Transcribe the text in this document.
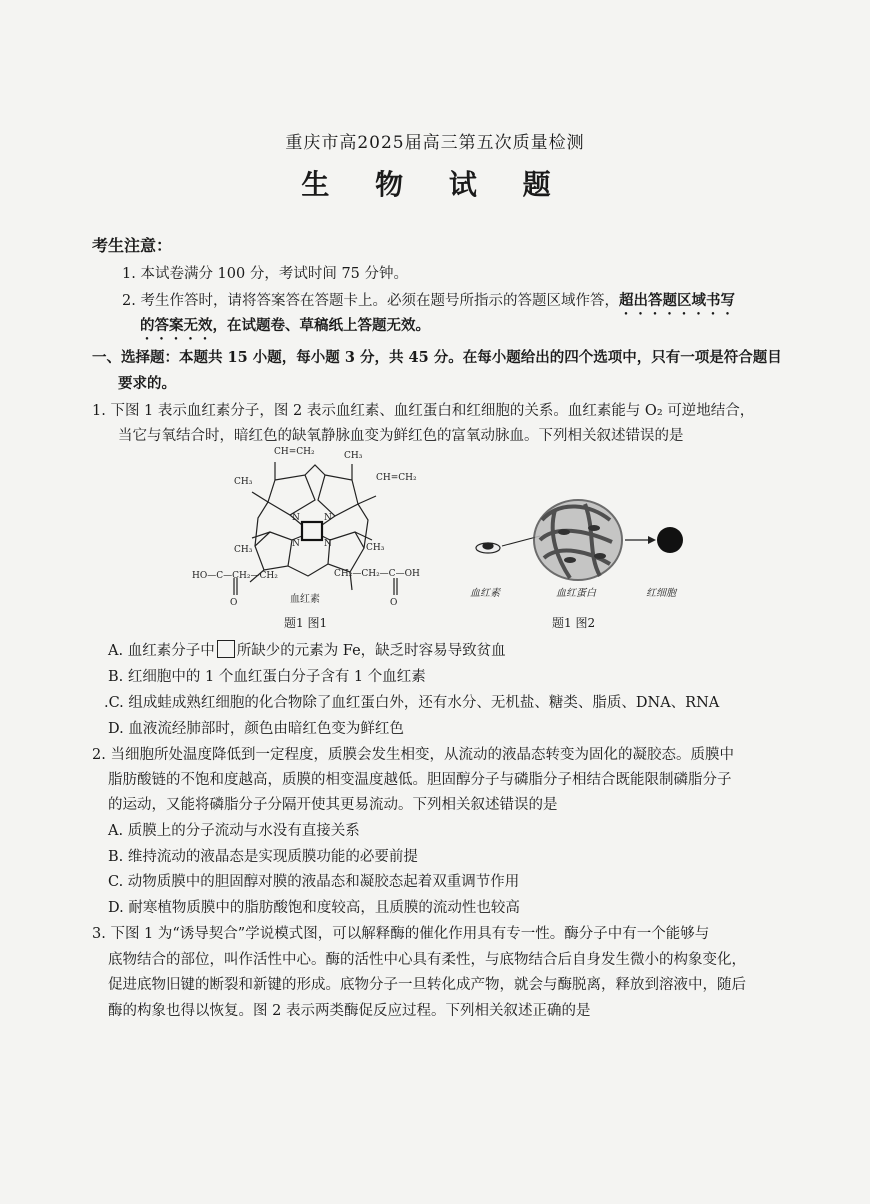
重庆市高2025届高三第五次质量检测
生 物 试 题
考生注意：
1. 本试卷满分 100 分，考试时间 75 分钟。
2. 考生作答时，请将答案答在答题卡上。必须在题号所指示的答题区域作答，超出答题区域书写
的答案无效，在试题卷、草稿纸上答题无效。
一、选择题：本题共 15 小题，每小题 3 分，共 45 分。在每小题给出的四个选项中，只有一项是符合题目
要求的。
1. 下图 1 表示血红素分子，图 2 表示血红素、血红蛋白和红细胞的关系。血红素能与 O₂ 可逆地结合，
当它与氧结合时，暗红色的缺氧静脉血变为鲜红色的富氧动脉血。下列相关叙述错误的是
CH=CH₂	CH₃
CH₃	CH=CH₂
N	N
N	N
CH₃	CH₃
HO—C—CH₂—CH₂	CH₂—CH₂—C—OH
O	O
血红素
题1 图1
血红素	血红蛋白	红细胞
题1 图2
A. 血红素分子中 所缺少的元素为 Fe，缺乏时容易导致贫血
B. 红细胞中的 1 个血红蛋白分子含有 1 个血红素
.C. 组成蛙成熟红细胞的化合物除了血红蛋白外，还有水分、无机盐、糖类、脂质、DNA、RNA
D. 血液流经肺部时，颜色由暗红色变为鲜红色
2. 当细胞所处温度降低到一定程度，质膜会发生相变，从流动的液晶态转变为固化的凝胶态。质膜中
脂肪酸链的不饱和度越高，质膜的相变温度越低。胆固醇分子与磷脂分子相结合既能限制磷脂分子
的运动，又能将磷脂分子分隔开使其更易流动。下列相关叙述错误的是
A. 质膜上的分子流动与水没有直接关系
B. 维持流动的液晶态是实现质膜功能的必要前提
C. 动物质膜中的胆固醇对膜的液晶态和凝胶态起着双重调节作用
D. 耐寒植物质膜中的脂肪酸饱和度较高，且质膜的流动性也较高
3. 下图 1 为“诱导契合”学说模式图，可以解释酶的催化作用具有专一性。酶分子中有一个能够与
底物结合的部位，叫作活性中心。酶的活性中心具有柔性，与底物结合后自身发生微小的构象变化，
促进底物旧键的断裂和新键的形成。底物分子一旦转化成产物，就会与酶脱离，释放到溶液中，随后
酶的构象也得以恢复。图 2 表示两类酶促反应过程。下列相关叙述正确的是
